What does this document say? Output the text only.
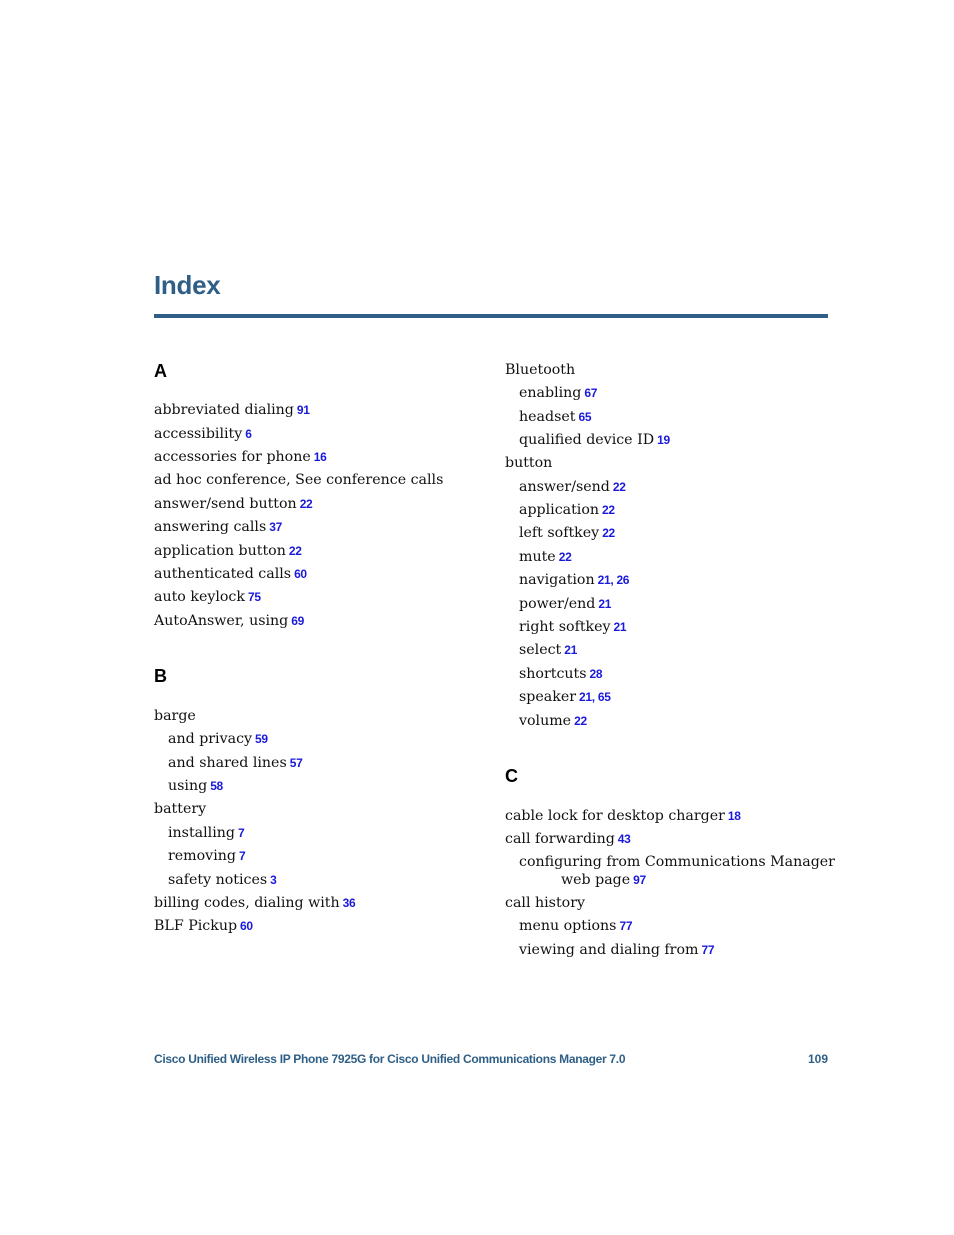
Index
A
abbreviated dialing 91
accessibility 6
accessories for phone 16
ad hoc conference, See conference calls
answer/send button 22
answering calls 37
application button 22
authenticated calls 60
auto keylock 75
AutoAnswer, using 69
B
barge
and privacy 59
and shared lines 57
using 58
battery
installing 7
removing 7
safety notices 3
billing codes, dialing with 36
BLF Pickup 60
Bluetooth
enabling 67
headset 65
qualified device ID 19
button
answer/send 22
application 22
left softkey 22
mute 22
navigation 21, 26
power/end 21
right softkey 21
select 21
shortcuts 28
speaker 21, 65
volume 22
C
cable lock for desktop charger 18
call forwarding 43
configuring from Communications Manager
web page 97
call history
menu options 77
viewing and dialing from 77
Cisco Unified Wireless IP Phone 7925G for Cisco Unified Communications Manager 7.0	109
